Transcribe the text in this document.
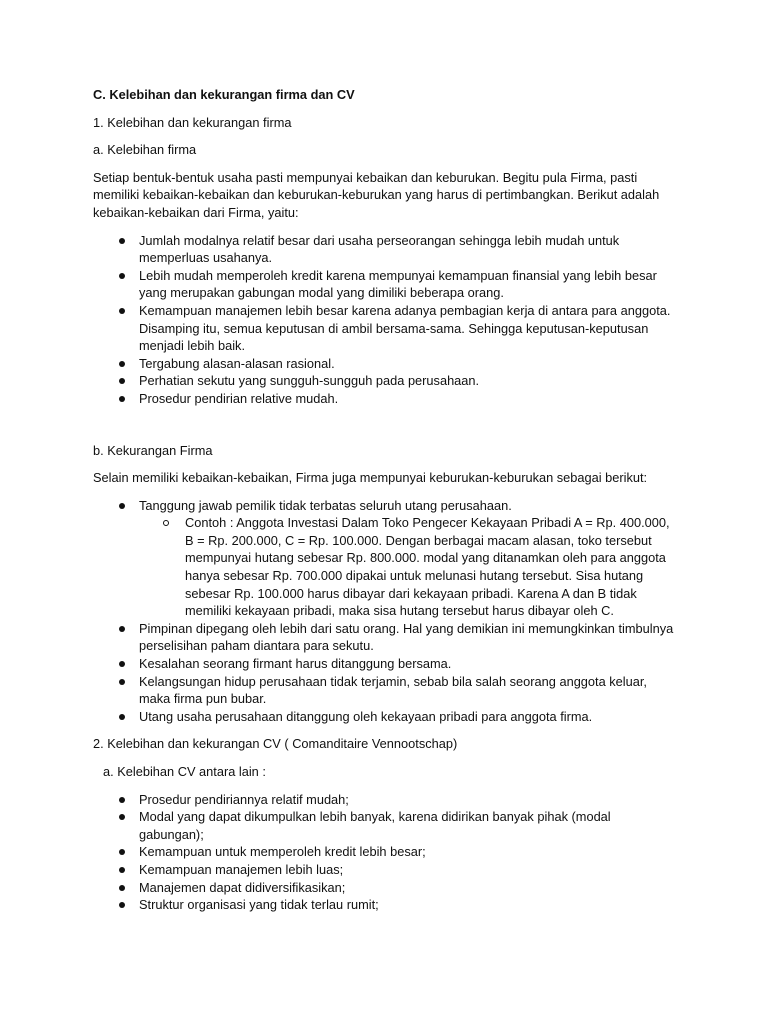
C. Kelebihan dan kekurangan firma dan CV

1. Kelebihan dan kekurangan firma

a. Kelebihan firma

Setiap bentuk-bentuk usaha pasti mempunyai kebaikan dan keburukan. Begitu pula Firma, pasti memiliki kebaikan-kebaikan dan keburukan-keburukan yang harus di pertimbangkan. Berikut adalah kebaikan-kebaikan dari Firma, yaitu:

Jumlah modalnya relatif besar dari usaha perseorangan sehingga lebih mudah untuk memperluas usahanya.
Lebih mudah memperoleh kredit karena mempunyai kemampuan finansial yang lebih besar yang merupakan gabungan modal yang dimiliki beberapa orang.
Kemampuan manajemen lebih besar karena adanya pembagian kerja di antara para anggota. Disamping itu, semua keputusan di ambil bersama-sama. Sehingga keputusan-keputusan menjadi lebih baik.
Tergabung alasan-alasan rasional.
Perhatian sekutu yang sungguh-sungguh pada perusahaan.
Prosedur pendirian relative mudah.

b. Kekurangan Firma

Selain memiliki kebaikan-kebaikan, Firma juga mempunyai keburukan-keburukan sebagai berikut:

Tanggung jawab pemilik tidak terbatas seluruh utang perusahaan.
Contoh : Anggota Investasi Dalam Toko Pengecer Kekayaan Pribadi A = Rp. 400.000, B = Rp. 200.000, C = Rp. 100.000. Dengan berbagai macam alasan, toko tersebut mempunyai hutang sebesar Rp. 800.000. modal yang ditanamkan oleh para anggota hanya sebesar Rp. 700.000 dipakai untuk melunasi hutang tersebut. Sisa hutang sebesar Rp. 100.000 harus dibayar dari kekayaan pribadi. Karena A dan B tidak memiliki kekayaan pribadi, maka sisa hutang tersebut harus dibayar oleh C.
Pimpinan dipegang oleh lebih dari satu orang. Hal yang demikian ini memungkinkan timbulnya perselisihan paham diantara para sekutu.
Kesalahan seorang firmant harus ditanggung bersama.
Kelangsungan hidup perusahaan tidak terjamin, sebab bila salah seorang anggota keluar, maka firma pun bubar.
Utang usaha perusahaan ditanggung oleh kekayaan pribadi para anggota firma.

2. Kelebihan dan kekurangan CV ( Comanditaire Vennootschap)

a. Kelebihan CV antara lain :

Prosedur pendiriannya relatif mudah;
Modal yang dapat dikumpulkan lebih banyak, karena didirikan banyak pihak (modal gabungan);
Kemampuan untuk memperoleh kredit lebih besar;
Kemampuan manajemen lebih luas;
Manajemen dapat didiversifikasikan;
Struktur organisasi yang tidak terlau rumit;
